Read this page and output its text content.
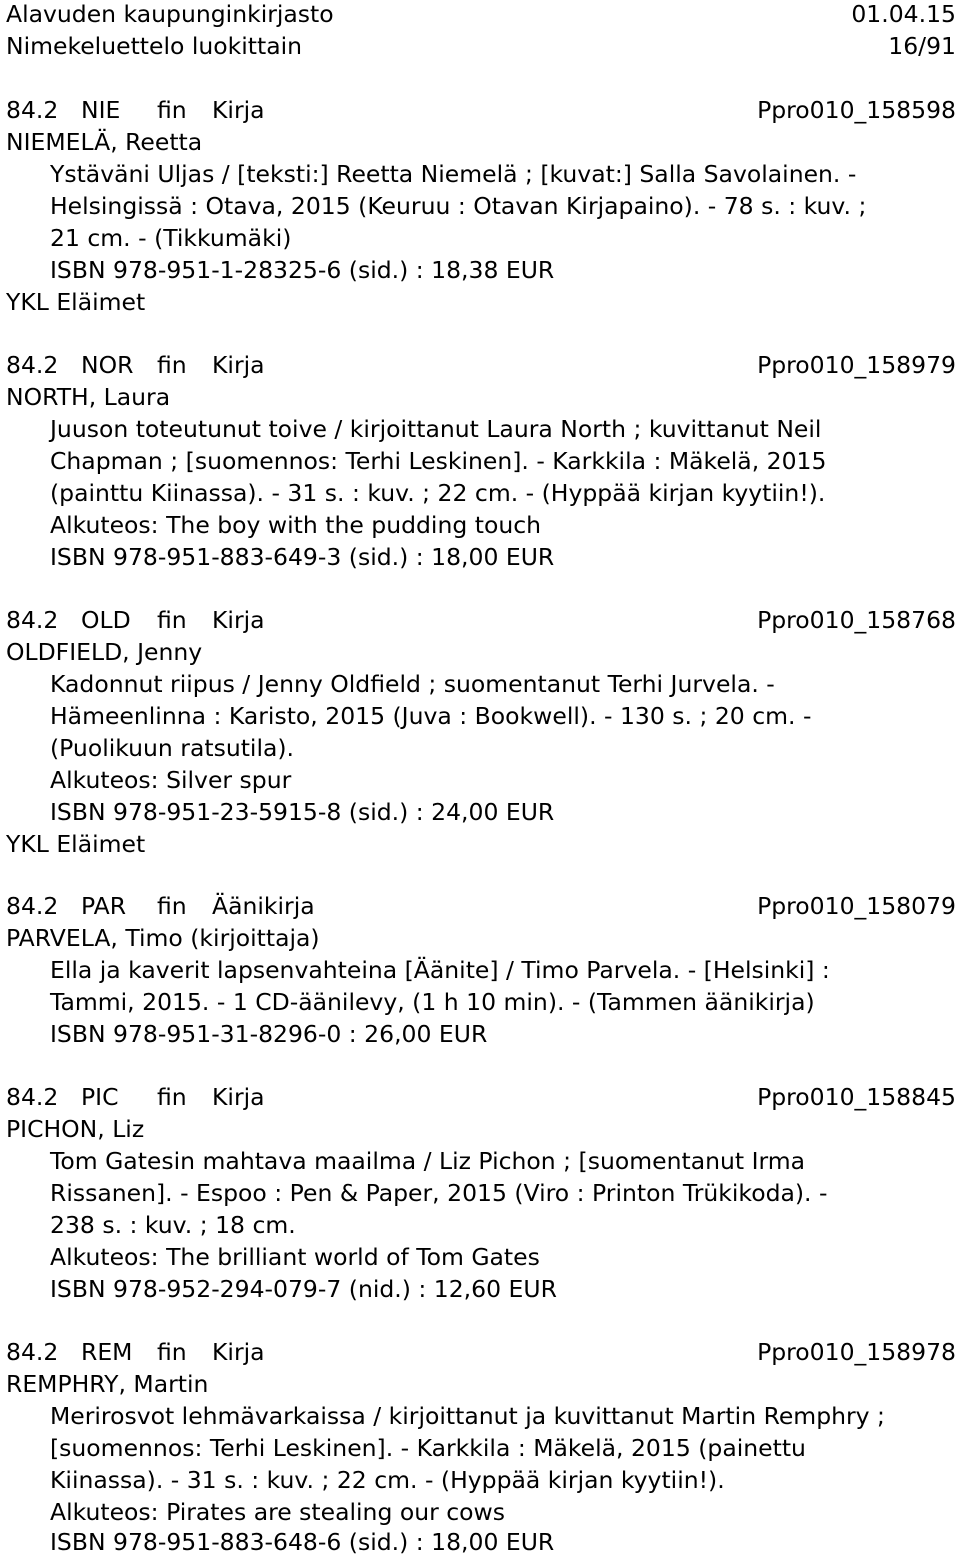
Alavuden kaupunginkirjasto	01.04.15
Nimekeluettelo luokittain	16/91
84.2 NIE fin Kirja	Ppro010_158598
NIEMELÄ, Reetta
Ystäväni Uljas / [teksti:] Reetta Niemelä ; [kuvat:] Salla Savolainen. -
Helsingissä : Otava, 2015 (Keuruu : Otavan Kirjapaino). - 78 s. : kuv. ;
21 cm. - (Tikkumäki)
ISBN 978-951-1-28325-6 (sid.) : 18,38 EUR
YKL Eläimet
84.2 NOR fin Kirja	Ppro010_158979
NORTH, Laura
Juuson toteutunut toive / kirjoittanut Laura North ; kuvittanut Neil
Chapman ; [suomennos: Terhi Leskinen]. - Karkkila : Mäkelä, 2015
(painttu Kiinassa). - 31 s. : kuv. ; 22 cm. - (Hyppää kirjan kyytiin!).
Alkuteos: The boy with the pudding touch
ISBN 978-951-883-649-3 (sid.) : 18,00 EUR
84.2 OLD fin Kirja	Ppro010_158768
OLDFIELD, Jenny
Kadonnut riipus / Jenny Oldfield ; suomentanut Terhi Jurvela. -
Hämeenlinna : Karisto, 2015 (Juva : Bookwell). - 130 s. ; 20 cm. -
(Puolikuun ratsutila).
Alkuteos: Silver spur
ISBN 978-951-23-5915-8 (sid.) : 24,00 EUR
YKL Eläimet
84.2 PAR fin Äänikirja	Ppro010_158079
PARVELA, Timo (kirjoittaja)
Ella ja kaverit lapsenvahteina [Äänite] / Timo Parvela. - [Helsinki] :
Tammi, 2015. - 1 CD-äänilevy, (1 h 10 min). - (Tammen äänikirja)
ISBN 978-951-31-8296-0 : 26,00 EUR
84.2 PIC fin Kirja	Ppro010_158845
PICHON, Liz
Tom Gatesin mahtava maailma / Liz Pichon ; [suomentanut Irma
Rissanen]. - Espoo : Pen & Paper, 2015 (Viro : Printon Trükikoda). -
238 s. : kuv. ; 18 cm.
Alkuteos: The brilliant world of Tom Gates
ISBN 978-952-294-079-7 (nid.) : 12,60 EUR
84.2 REM fin Kirja	Ppro010_158978
REMPHRY, Martin
Merirosvot lehmävarkaissa / kirjoittanut ja kuvittanut Martin Remphry ;
[suomennos: Terhi Leskinen]. - Karkkila : Mäkelä, 2015 (painettu
Kiinassa). - 31 s. : kuv. ; 22 cm. - (Hyppää kirjan kyytiin!).
Alkuteos: Pirates are stealing our cows
ISBN 978-951-883-648-6 (sid.) : 18,00 EUR
